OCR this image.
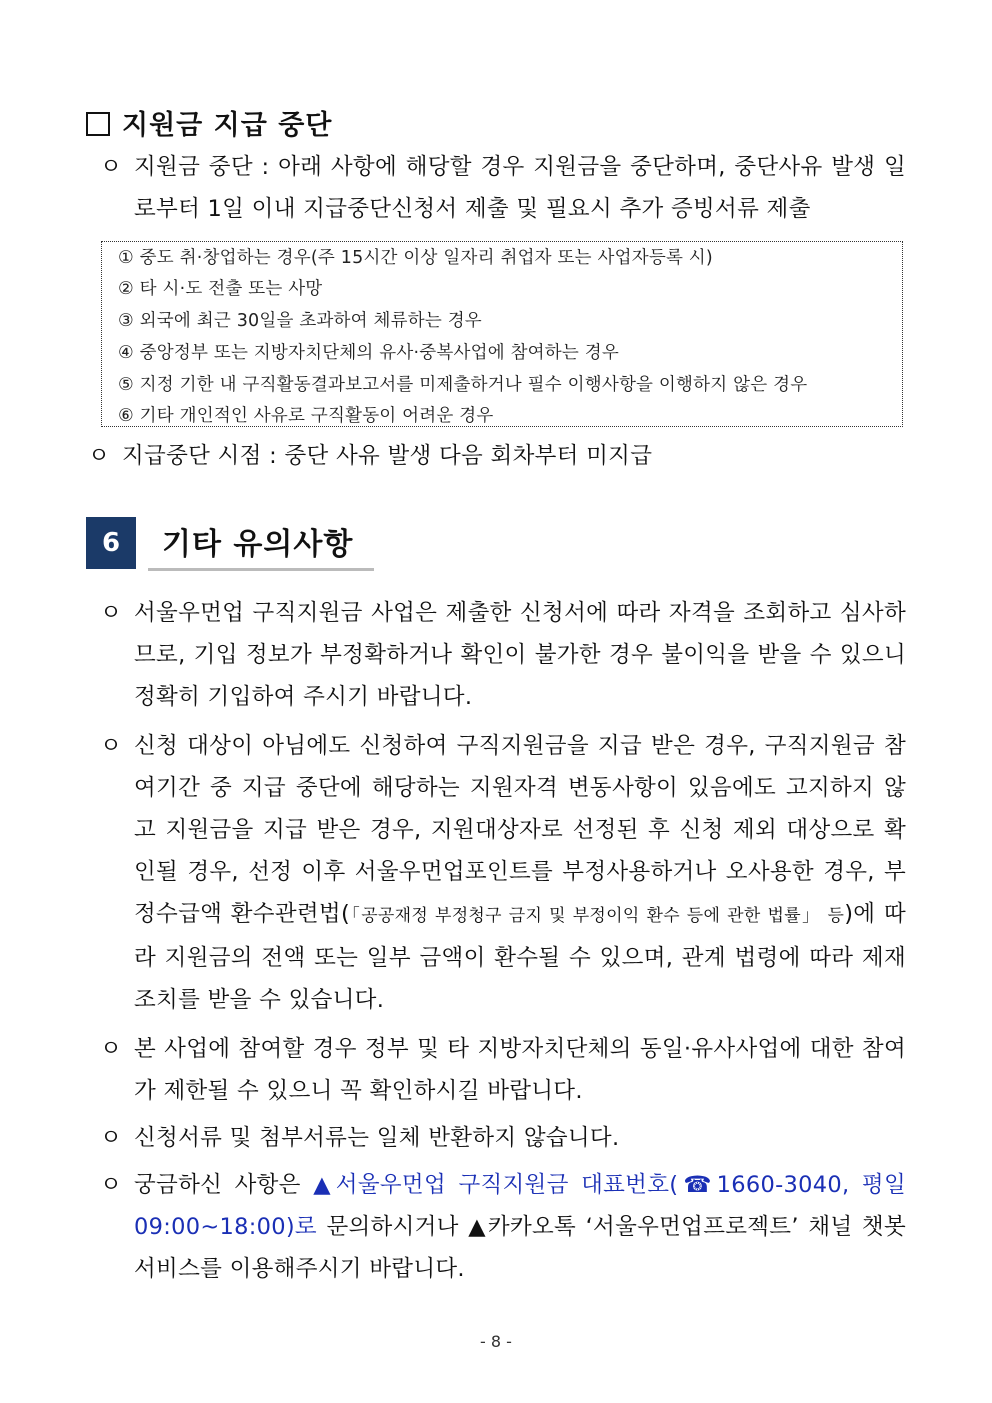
지원금 지급 중단
ㅇ 지원금 중단 : 아래 사항에 해당할 경우 지원금을 중단하며, 중단사유 발생 일로부터 1일 이내 지급중단신청서 제출 및 필요시 추가 증빙서류 제출
① 중도 취·창업하는 경우(주 15시간 이상 일자리 취업자 또는 사업자등록 시)
② 타 시·도 전출 또는 사망
③ 외국에 최근 30일을 초과하여 체류하는 경우
④ 중앙정부 또는 지방자치단체의 유사·중복사업에 참여하는 경우
⑤ 지정 기한 내 구직활동결과보고서를 미제출하거나 필수 이행사항을 이행하지 않은 경우
⑥ 기타 개인적인 사유로 구직활동이 어려운 경우
ㅇ 지급중단 시점 : 중단 사유 발생 다음 회차부터 미지급
6	기타 유의사항
ㅇ 서울우먼업 구직지원금 사업은 제출한 신청서에 따라 자격을 조회하고 심사하므로, 기입 정보가 부정확하거나 확인이 불가한 경우 불이익을 받을 수 있으니 정확히 기입하여 주시기 바랍니다.
ㅇ 신청 대상이 아님에도 신청하여 구직지원금을 지급 받은 경우, 구직지원금 참여기간 중 지급 중단에 해당하는 지원자격 변동사항이 있음에도 고지하지 않고 지원금을 지급 받은 경우, 지원대상자로 선정된 후 신청 제외 대상으로 확인될 경우, 선정 이후 서울우먼업포인트를 부정사용하거나 오사용한 경우, 부정수급액 환수관련법(「공공재정 부정청구 금지 및 부정이익 환수 등에 관한 법률」 등)에 따라 지원금의 전액 또는 일부 금액이 환수될 수 있으며, 관계 법령에 따라 제재 조치를 받을 수 있습니다.
ㅇ 본 사업에 참여할 경우 정부 및 타 지방자치단체의 동일·유사사업에 대한 참여가 제한될 수 있으니 꼭 확인하시길 바랍니다.
ㅇ 신청서류 및 첨부서류는 일체 반환하지 않습니다.
ㅇ 궁금하신 사항은 ▲서울우먼업 구직지원금 대표번호(☎1660-3040, 평일 09:00~18:00)로 문의하시거나 ▲카카오톡 ‘서울우먼업프로젝트’ 채널 챗봇 서비스를 이용해주시기 바랍니다.
- 8 -
